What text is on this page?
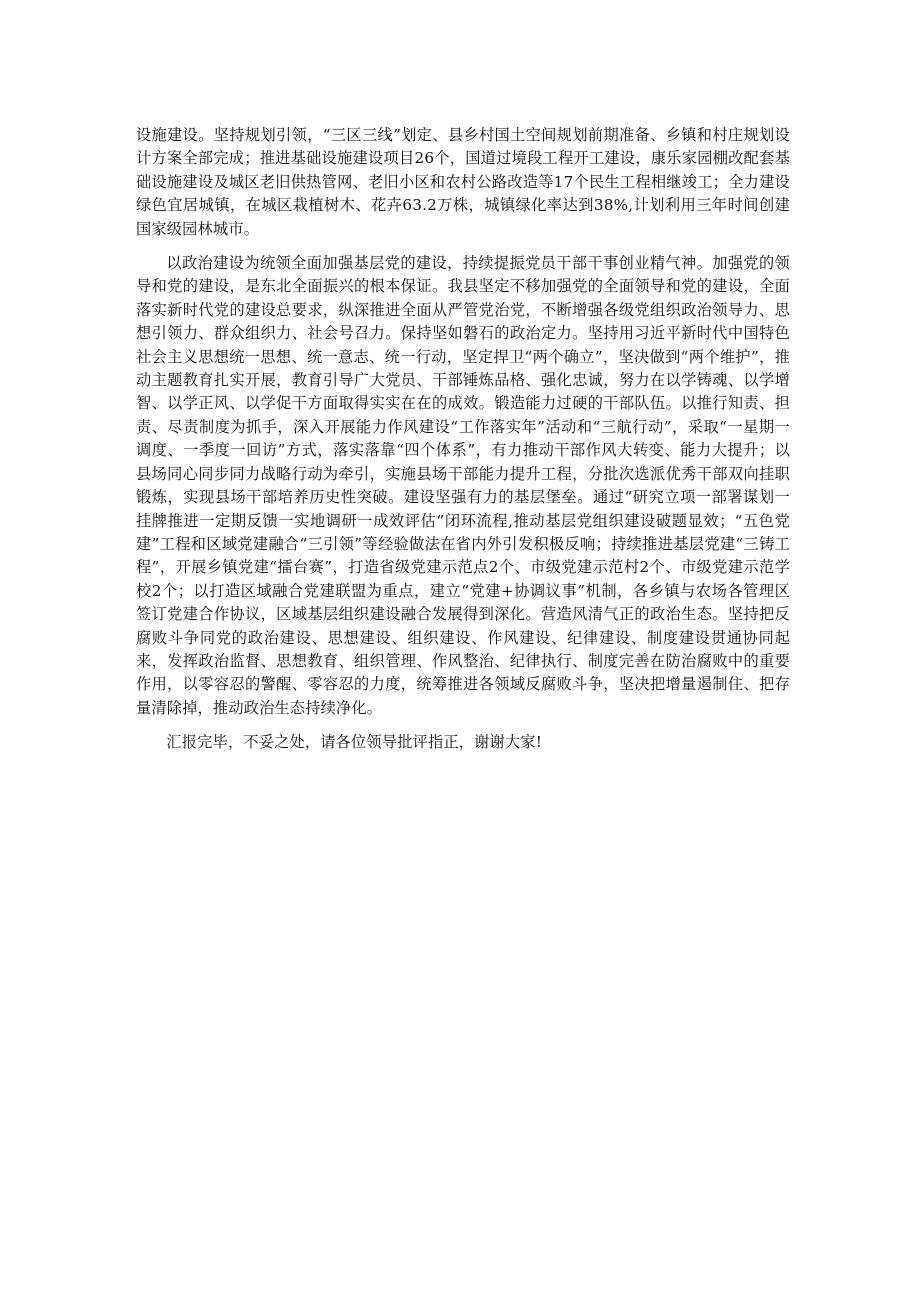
设施建设。坚持规划引领，“三区三线”划定、县乡村国土空间规划前期准备、乡镇和村庄规划设计方案全部完成；推进基础设施建设项目26个，国道过境段工程开工建设，康乐家园棚改配套基础设施建设及城区老旧供热管网、老旧小区和农村公路改造等17个民生工程相继竣工；全力建设绿色宜居城镇，在城区栽植树木、花卉63.2万株，城镇绿化率达到38%,计划利用三年时间创建国家级园林城市。

以政治建设为统领全面加强基层党的建设，持续提振党员干部干事创业精气神。加强党的领导和党的建设，是东北全面振兴的根本保证。我县坚定不移加强党的全面领导和党的建设，全面落实新时代党的建设总要求，纵深推进全面从严管党治党，不断增强各级党组织政治领导力、思想引领力、群众组织力、社会号召力。保持坚如磐石的政治定力。坚持用习近平新时代中国特色社会主义思想统一思想、统一意志、统一行动，坚定捍卫“两个确立”，坚决做到“两个维护”，推动主题教育扎实开展，教育引导广大党员、干部锤炼品格、强化忠诚，努力在以学铸魂、以学增智、以学正风、以学促干方面取得实实在在的成效。锻造能力过硬的干部队伍。以推行知责、担责、尽责制度为抓手，深入开展能力作风建设“工作落实年”活动和“三航行动”，采取“一星期一调度、一季度一回访”方式，落实落靠“四个体系”，有力推动干部作风大转变、能力大提升；以县场同心同步同力战略行动为牵引，实施县场干部能力提升工程，分批次选派优秀干部双向挂职锻炼，实现县场干部培养历史性突破。建设坚强有力的基层堡垒。通过“研究立项一部署谋划一挂牌推进一定期反馈一实地调研一成效评估”闭环流程,推动基层党组织建设破题显效；“五色党建”工程和区域党建融合“三引领”等经验做法在省内外引发积极反响；持续推进基层党建“三铸工程”，开展乡镇党建“擂台赛”，打造省级党建示范点2个、市级党建示范村2个、市级党建示范学校2个；以打造区域融合党建联盟为重点，建立“党建+协调议事”机制，各乡镇与农场各管理区签订党建合作协议，区域基层组织建设融合发展得到深化。营造风清气正的政治生态。坚持把反腐败斗争同党的政治建设、思想建设、组织建设、作风建设、纪律建设、制度建设贯通协同起来，发挥政治监督、思想教育、组织管理、作风整治、纪律执行、制度完善在防治腐败中的重要作用，以零容忍的警醒、零容忍的力度，统筹推进各领域反腐败斗争，坚决把增量遏制住、把存量清除掉，推动政治生态持续净化。

汇报完毕，不妥之处，请各位领导批评指正，谢谢大家!
